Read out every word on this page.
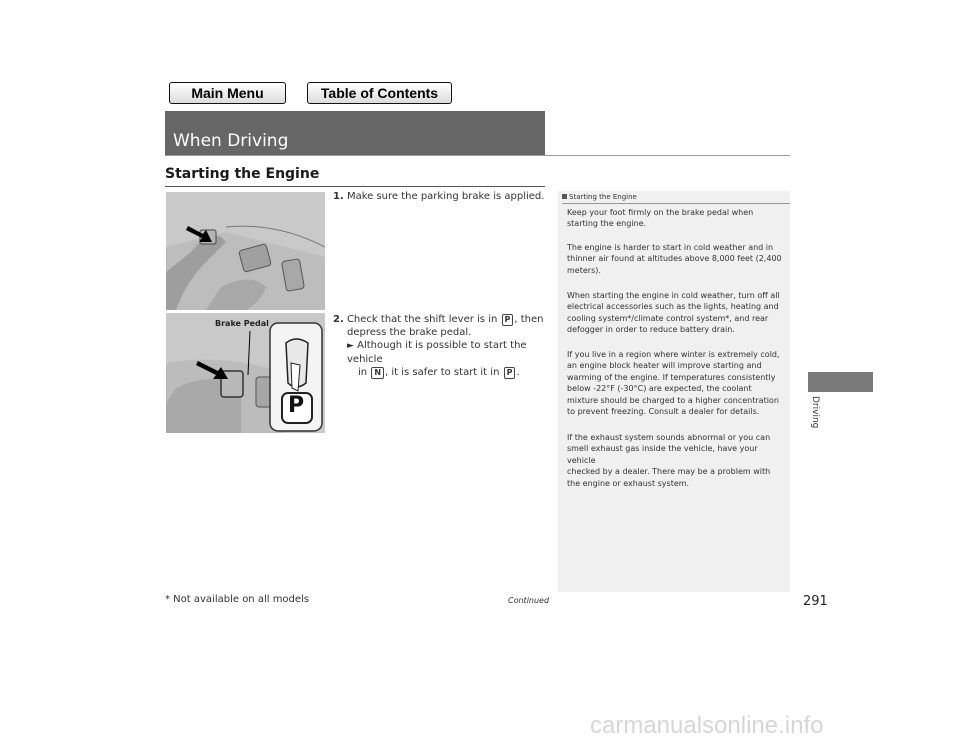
Main Menu	Table of Contents
When Driving
Starting the Engine
P
Brake Pedal
1. Make sure the parking brake is applied.
2. Check that the shift lever is in P , then
depress the brake pedal.
► Although it is possible to start the vehicle
in N , it is safer to start it in P .
Starting the Engine
Keep your foot firmly on the brake pedal when
starting the engine.
The engine is harder to start in cold weather and in
thinner air found at altitudes above 8,000 feet (2,400
meters).
When starting the engine in cold weather, turn off all
electrical accessories such as the lights, heating and
cooling system*/climate control system*, and rear
defogger in order to reduce battery drain.
If you live in a region where winter is extremely cold,
an engine block heater will improve starting and
warming of the engine. If temperatures consistently
below -22°F (-30°C) are expected, the coolant
mixture should be charged to a higher concentration
to prevent freezing. Consult a dealer for details.
If the exhaust system sounds abnormal or you can
smell exhaust gas inside the vehicle, have your vehicle
checked by a dealer. There may be a problem with
the engine or exhaust system.
Driving
* Not available on all models	Continued	291
carmanualsonline.info
